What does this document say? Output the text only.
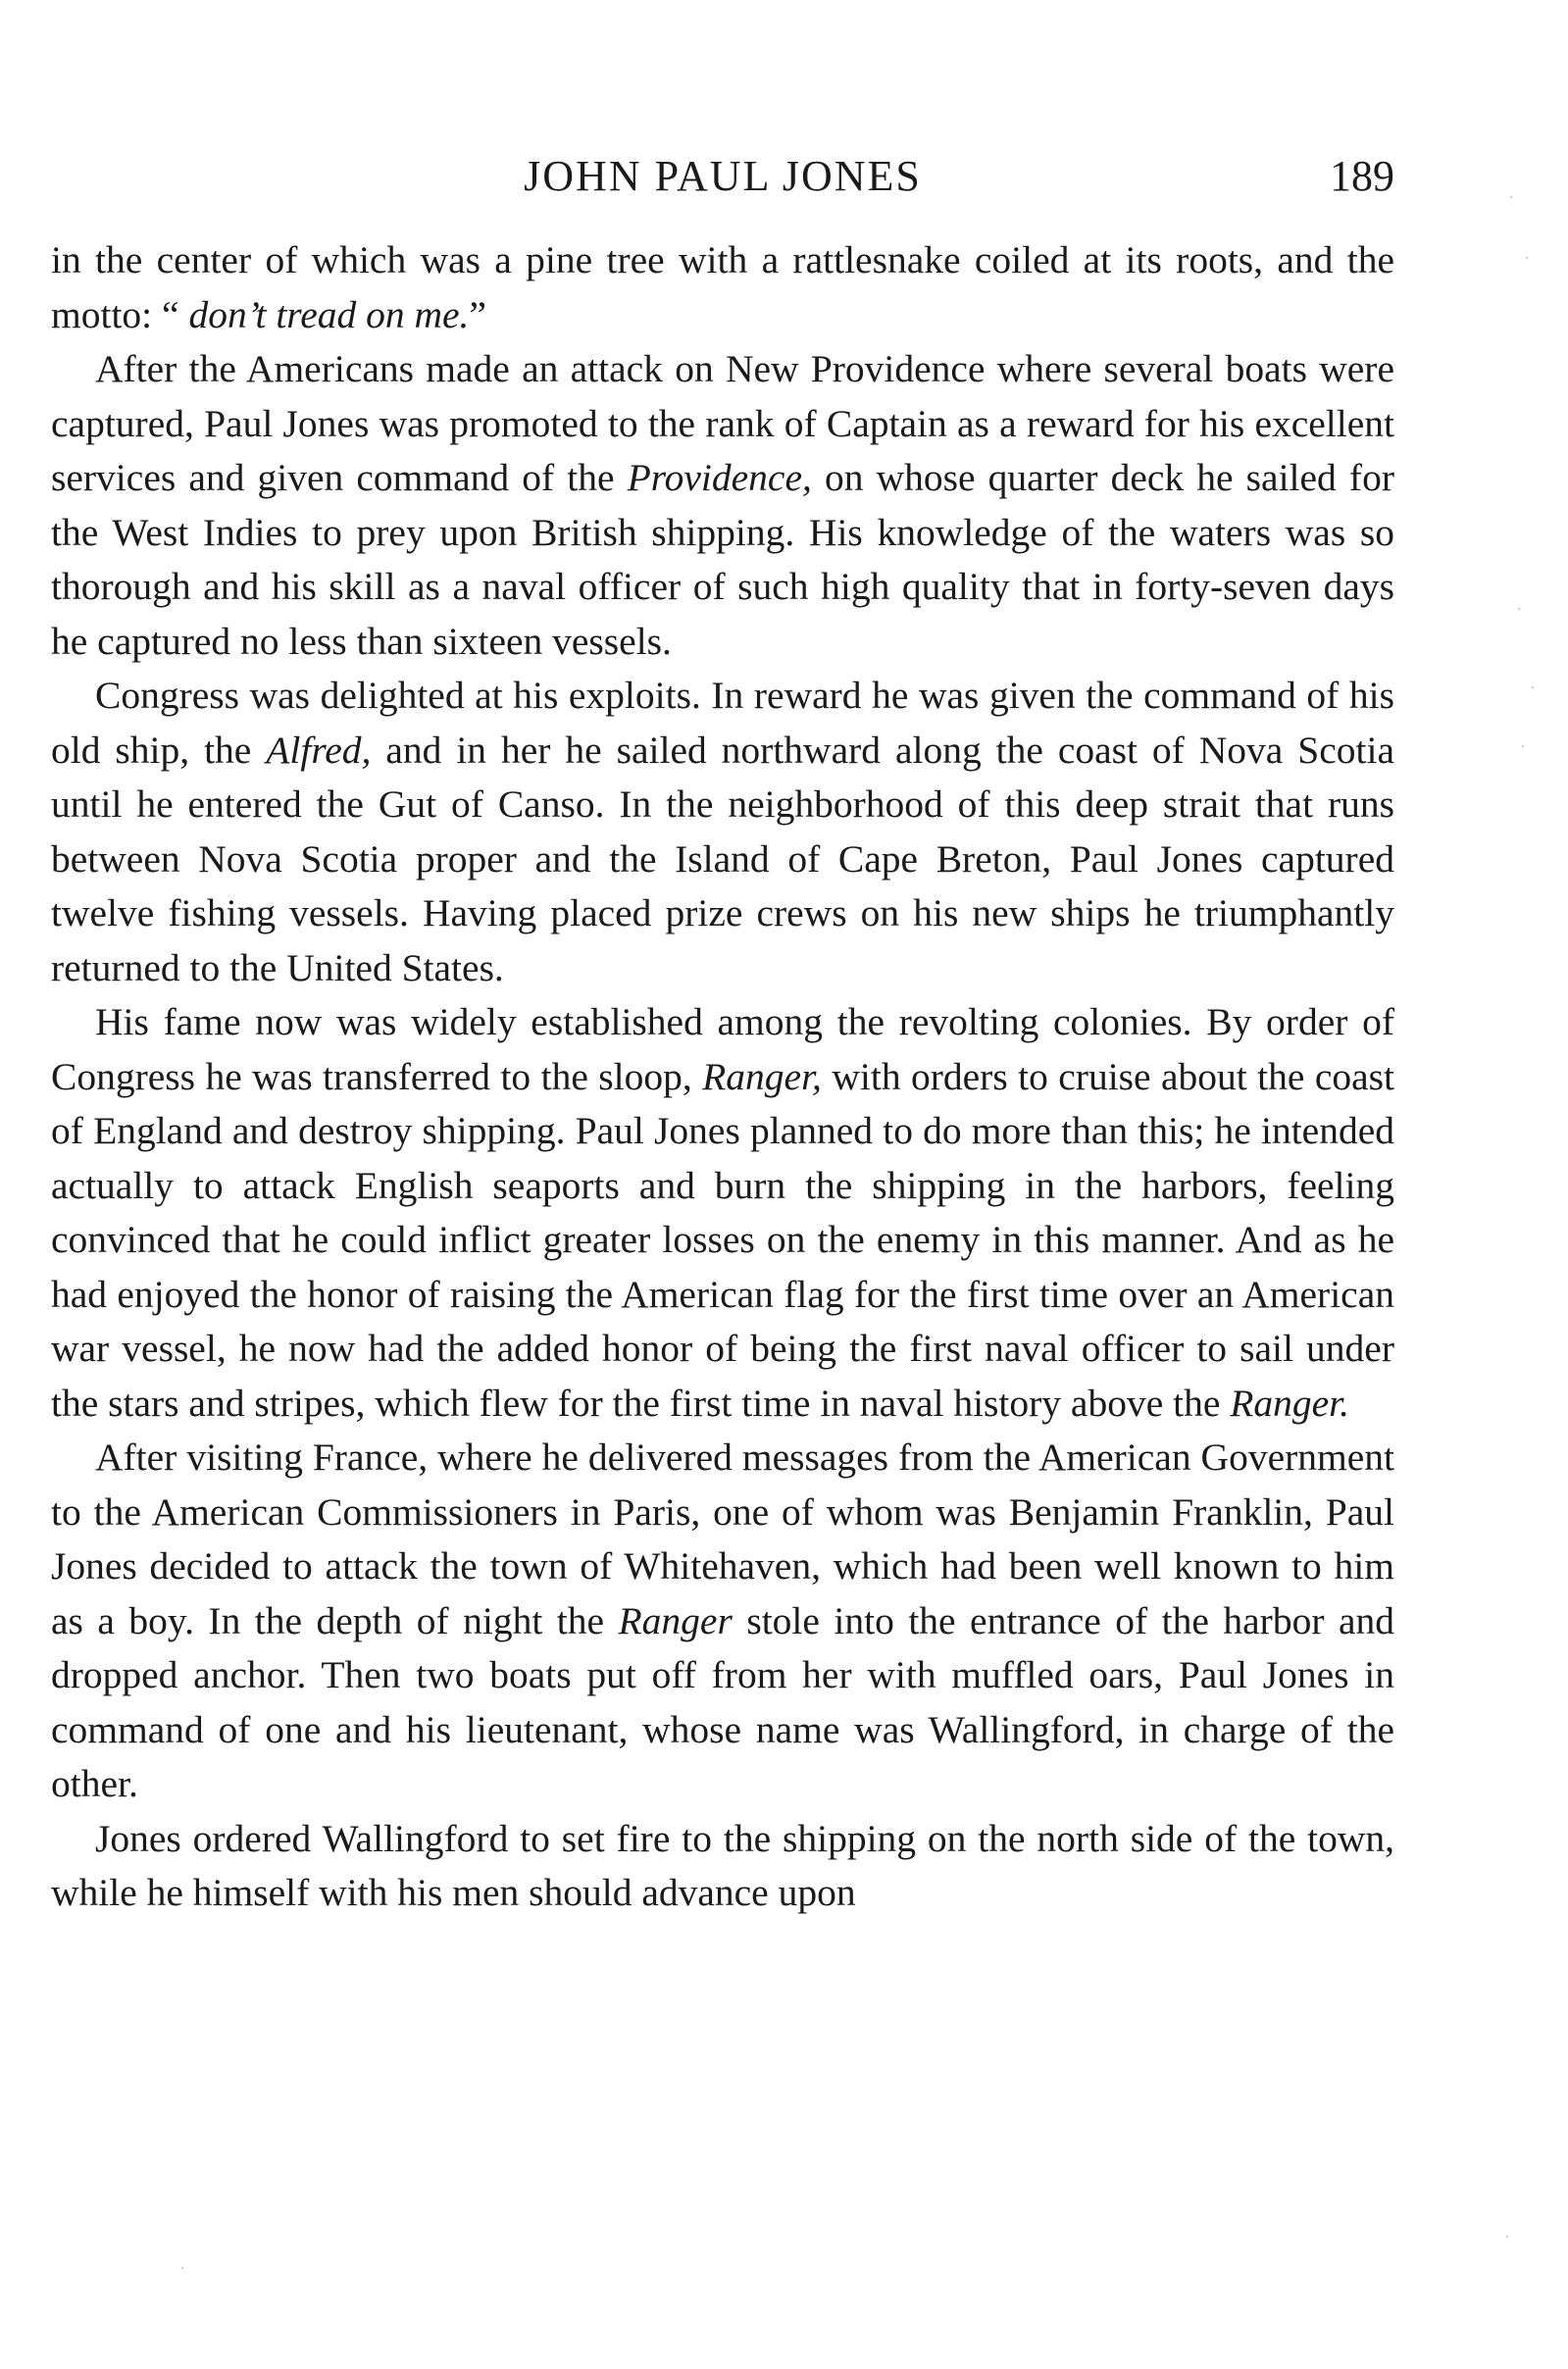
JOHN PAUL JONES	189

in the center of which was a pine tree with a rattlesnake coiled at its roots, and the motto: “ don’t tread on me.”

After the Americans made an attack on New Providence where several boats were captured, Paul Jones was promoted to the rank of Captain as a reward for his excellent services and given command of the Providence, on whose quarter deck he sailed for the West Indies to prey upon British shipping. His knowledge of the waters was so thorough and his skill as a naval officer of such high quality that in forty-seven days he captured no less than sixteen vessels.

Congress was delighted at his exploits. In reward he was given the command of his old ship, the Alfred, and in her he sailed northward along the coast of Nova Scotia until he entered the Gut of Canso. In the neighborhood of this deep strait that runs between Nova Scotia proper and the Island of Cape Breton, Paul Jones captured twelve fishing vessels. Having placed prize crews on his new ships he triumphantly returned to the United States.

His fame now was widely established among the revolting colonies. By order of Congress he was transferred to the sloop, Ranger, with orders to cruise about the coast of England and destroy shipping. Paul Jones planned to do more than this; he intended actually to attack English seaports and burn the shipping in the harbors, feeling convinced that he could inflict greater losses on the enemy in this manner. And as he had enjoyed the honor of raising the American flag for the first time over an American war vessel, he now had the added honor of being the first naval officer to sail under the stars and stripes, which flew for the first time in naval history above the Ranger.

After visiting France, where he delivered messages from the American Government to the American Commissioners in Paris, one of whom was Benjamin Franklin, Paul Jones decided to attack the town of Whitehaven, which had been well known to him as a boy. In the depth of night the Ranger stole into the entrance of the harbor and dropped anchor. Then two boats put off from her with muffled oars, Paul Jones in command of one and his lieutenant, whose name was Wallingford, in charge of the other.

Jones ordered Wallingford to set fire to the shipping on the north side of the town, while he himself with his men should advance upon
